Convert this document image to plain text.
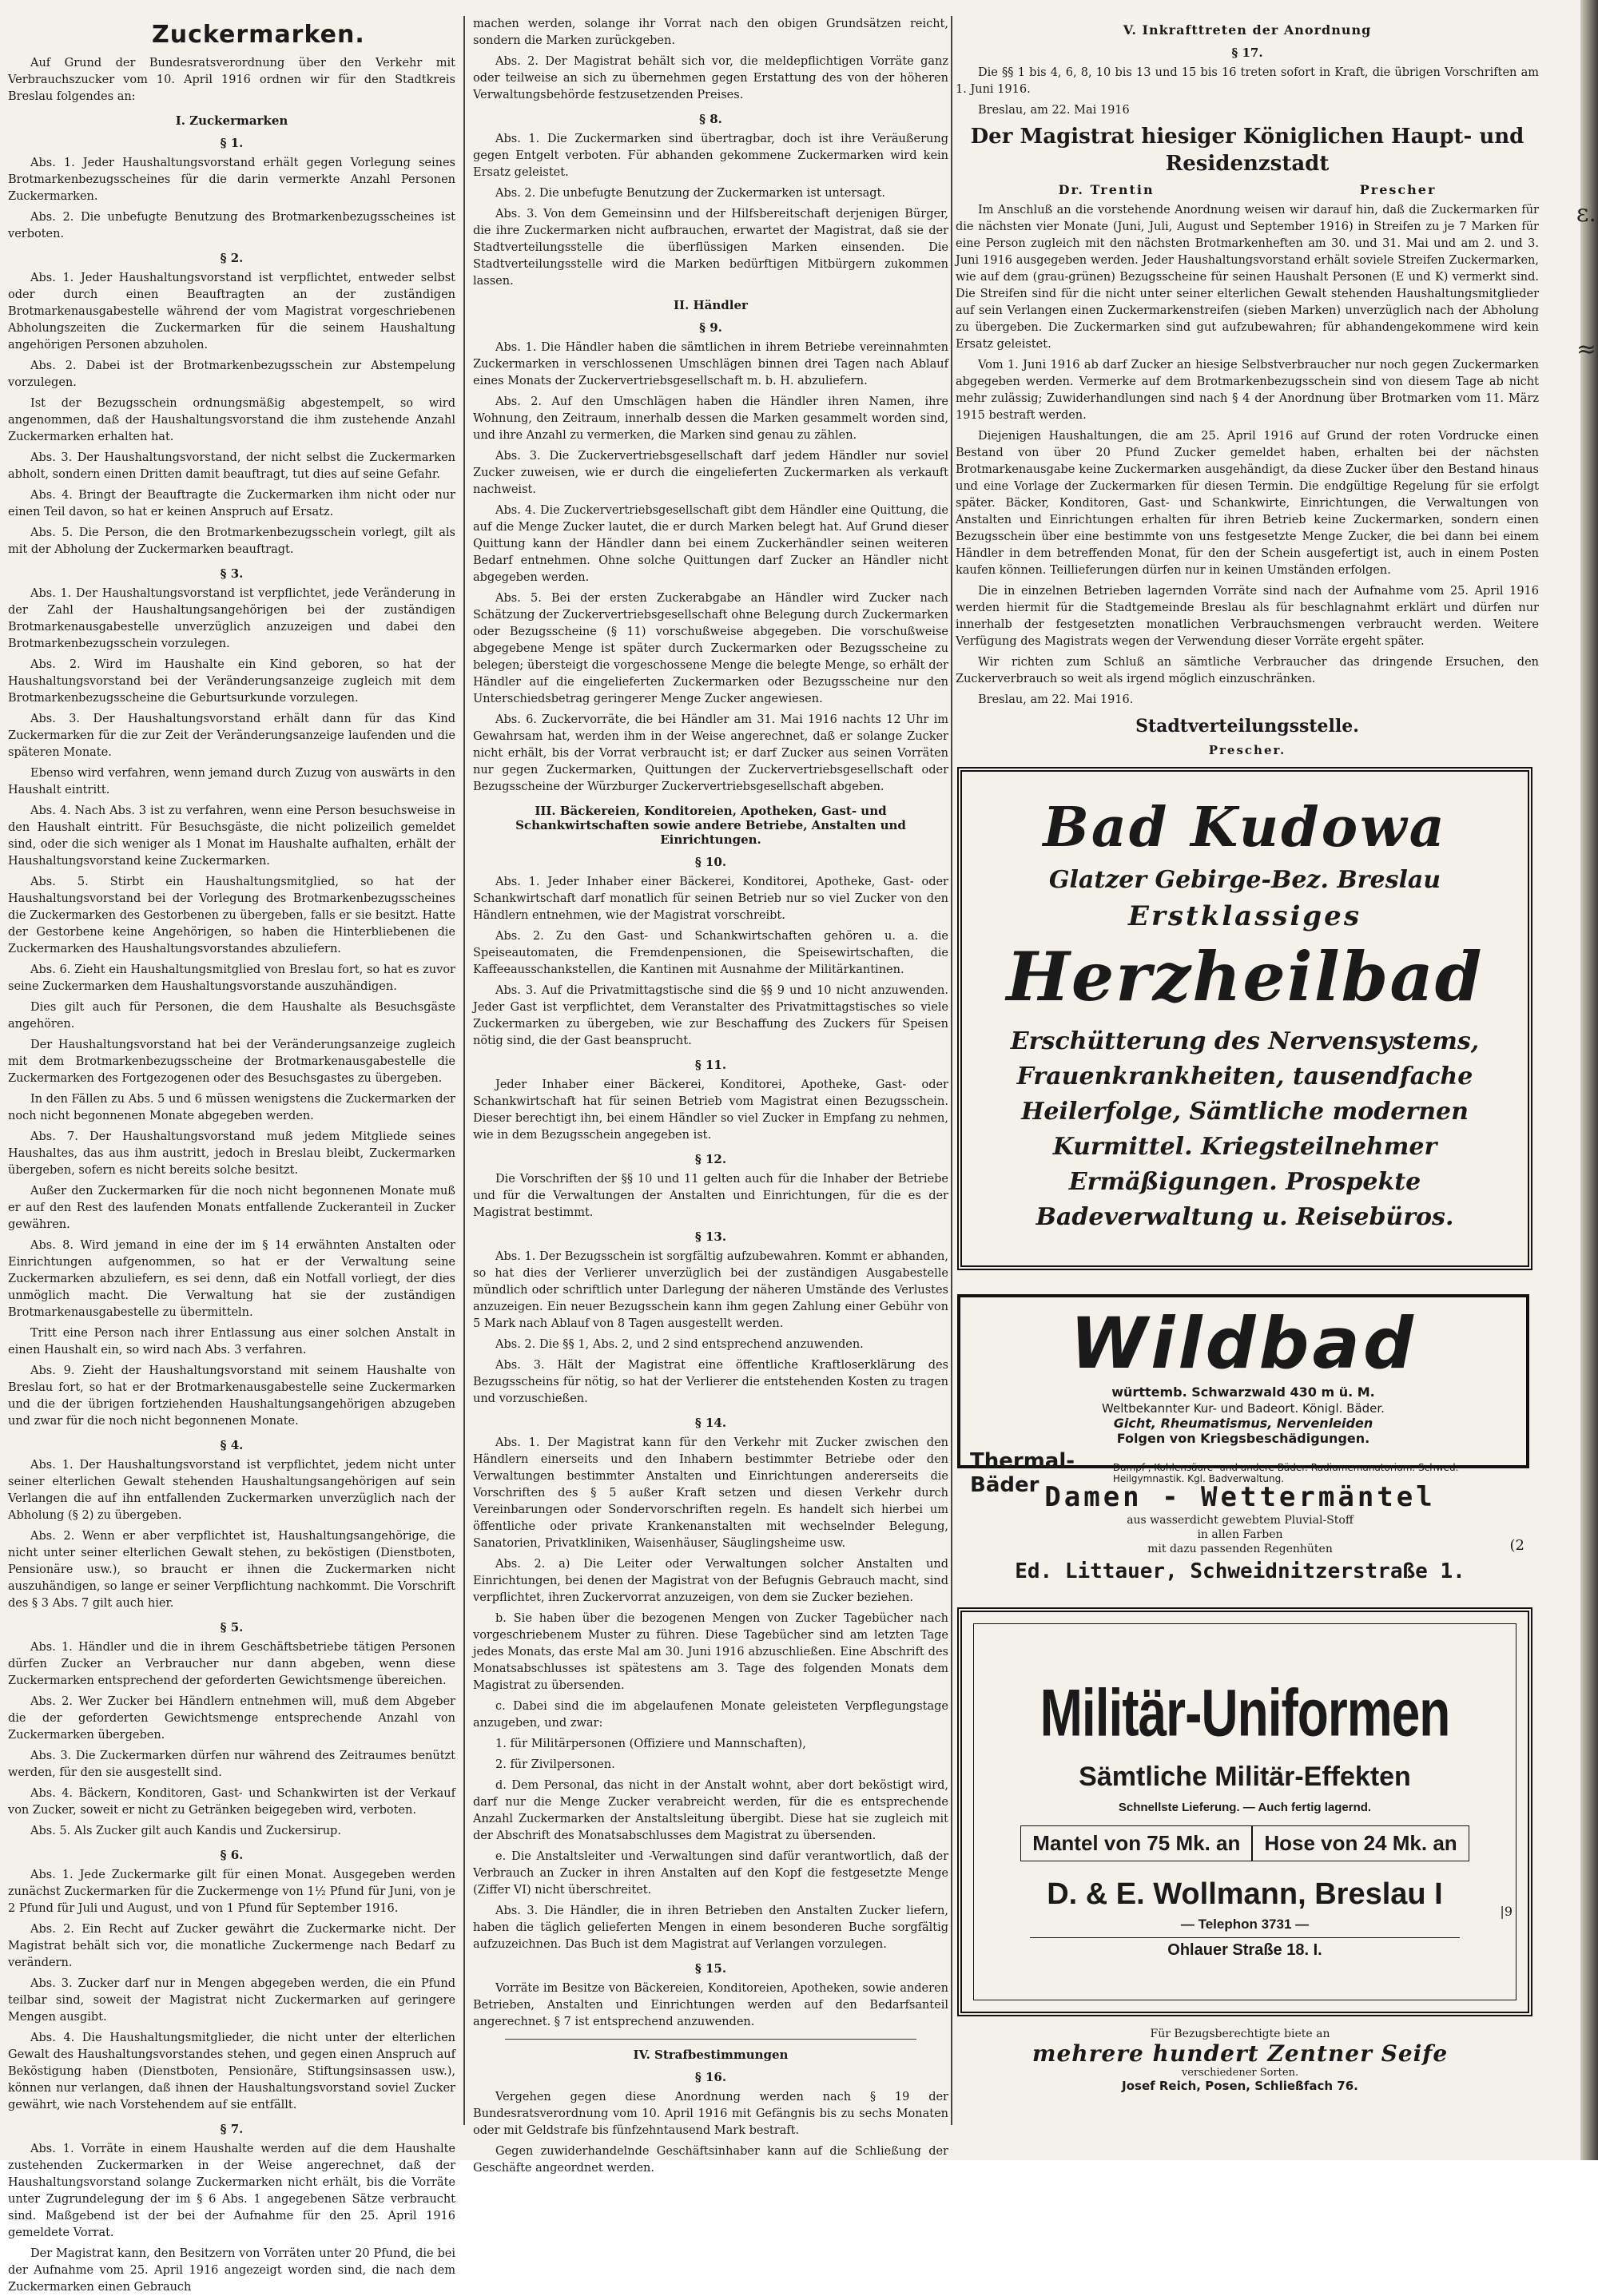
Zuckermarken.

Auf Grund der Bundesratsverordnung über den Verkehr mit Verbrauchszucker vom 10. April 1916 ordnen wir für den Stadtkreis Breslau folgendes an:

I. Zuckermarken
§ 1.

Abs. 1. Jeder Haushaltungsvorstand erhält gegen Vorlegung seines Brotmarkenbezugsscheines für die darin vermerkte Anzahl Personen Zuckermarken.

Abs. 2. Die unbefugte Benutzung des Brotmarkenbezugsscheines ist verboten.

§ 2.

Abs. 1. Jeder Haushaltungsvorstand ist verpflichtet, entweder selbst oder durch einen Beauftragten an der zuständigen Brotmarkenausgabestelle während der vom Magistrat vorgeschriebenen Abholungszeiten die Zuckermarken für die seinem Haushaltung angehörigen Personen abzuholen.

Abs. 2. Dabei ist der Brotmarkenbezugsschein zur Abstempelung vorzulegen.

Ist der Bezugsschein ordnungsmäßig abgestempelt, so wird angenommen, daß der Haushaltungsvorstand die ihm zustehende Anzahl Zuckermarken erhalten hat.

Abs. 3. Der Haushaltungsvorstand, der nicht selbst die Zuckermarken abholt, sondern einen Dritten damit beauftragt, tut dies auf seine Gefahr.

Abs. 4. Bringt der Beauftragte die Zuckermarken ihm nicht oder nur einen Teil davon, so hat er keinen Anspruch auf Ersatz.

Abs. 5. Die Person, die den Brotmarkenbezugsschein vorlegt, gilt als mit der Abholung der Zuckermarken beauftragt.

§ 3.

Abs. 1. Der Haushaltungsvorstand ist verpflichtet, jede Veränderung in der Zahl der Haushaltungsangehörigen bei der zuständigen Brotmarkenausgabestelle unverzüglich anzuzeigen und dabei den Brotmarkenbezugsschein vorzulegen.

Abs. 2. Wird im Haushalte ein Kind geboren, so hat der Haushaltungsvorstand bei der Veränderungsanzeige zugleich mit dem Brotmarkenbezugsscheine die Geburtsurkunde vorzulegen.

Abs. 3. Der Haushaltungsvorstand erhält dann für das Kind Zuckermarken für die zur Zeit der Veränderungsanzeige laufenden und die späteren Monate.

Ebenso wird verfahren, wenn jemand durch Zuzug von auswärts in den Haushalt eintritt.

Abs. 4. Nach Abs. 3 ist zu verfahren, wenn eine Person besuchsweise in den Haushalt eintritt. Für Besuchsgäste, die nicht polizeilich gemeldet sind, oder die sich weniger als 1 Monat im Haushalte aufhalten, erhält der Haushaltungsvorstand keine Zuckermarken.

Abs. 5. Stirbt ein Haushaltungsmitglied, so hat der Haushaltungsvorstand bei der Vorlegung des Brotmarkenbezugsscheines die Zuckermarken des Gestorbenen zu übergeben, falls er sie besitzt. Hatte der Gestorbene keine Angehörigen, so haben die Hinterbliebenen die Zuckermarken des Haushaltungsvorstandes abzuliefern.

Abs. 6. Zieht ein Haushaltungsmitglied von Breslau fort, so hat es zuvor seine Zuckermarken dem Haushaltungsvorstande auszuhändigen.

Dies gilt auch für Personen, die dem Haushalte als Besuchsgäste angehören.

Der Haushaltungsvorstand hat bei der Veränderungsanzeige zugleich mit dem Brotmarkenbezugsscheine der Brotmarkenausgabestelle die Zuckermarken des Fortgezogenen oder des Besuchsgastes zu übergeben.

In den Fällen zu Abs. 5 und 6 müssen wenigstens die Zuckermarken der noch nicht begonnenen Monate abgegeben werden.

Abs. 7. Der Haushaltungsvorstand muß jedem Mitgliede seines Haushaltes, das aus ihm austritt, jedoch in Breslau bleibt, Zuckermarken übergeben, sofern es nicht bereits solche besitzt.

Außer den Zuckermarken für die noch nicht begonnenen Monate muß er auf den Rest des laufenden Monats entfallende Zuckeranteil in Zucker gewähren.

Abs. 8. Wird jemand in eine der im § 14 erwähnten Anstalten oder Einrichtungen aufgenommen, so hat er der Verwaltung seine Zuckermarken abzuliefern, es sei denn, daß ein Notfall vorliegt, der dies unmöglich macht. Die Verwaltung hat sie der zuständigen Brotmarkenausgabestelle zu übermitteln.

Tritt eine Person nach ihrer Entlassung aus einer solchen Anstalt in einen Haushalt ein, so wird nach Abs. 3 verfahren.

Abs. 9. Zieht der Haushaltungsvorstand mit seinem Haushalte von Breslau fort, so hat er der Brotmarkenausgabestelle seine Zuckermarken und die der übrigen fortziehenden Haushaltungsangehörigen abzugeben und zwar für die noch nicht begonnenen Monate.

§ 4.

Abs. 1. Der Haushaltungsvorstand ist verpflichtet, jedem nicht unter seiner elterlichen Gewalt stehenden Haushaltungsangehörigen auf sein Verlangen die auf ihn entfallenden Zuckermarken unverzüglich nach der Abholung (§ 2) zu übergeben.

Abs. 2. Wenn er aber verpflichtet ist, Haushaltungsangehörige, die nicht unter seiner elterlichen Gewalt stehen, zu beköstigen (Dienstboten, Pensionäre usw.), so braucht er ihnen die Zuckermarken nicht auszuhändigen, so lange er seiner Verpflichtung nachkommt. Die Vorschrift des § 3 Abs. 7 gilt auch hier.

§ 5.

Abs. 1. Händler und die in ihrem Geschäftsbetriebe tätigen Personen dürfen Zucker an Verbraucher nur dann abgeben, wenn diese Zuckermarken entsprechend der geforderten Gewichtsmenge übereichen.

Abs. 2. Wer Zucker bei Händlern entnehmen will, muß dem Abgeber die der geforderten Gewichtsmenge entsprechende Anzahl von Zuckermarken übergeben.

Abs. 3. Die Zuckermarken dürfen nur während des Zeitraumes benützt werden, für den sie ausgestellt sind.

Abs. 4. Bäckern, Konditoren, Gast- und Schankwirten ist der Verkauf von Zucker, soweit er nicht zu Getränken beigegeben wird, verboten.

Abs. 5. Als Zucker gilt auch Kandis und Zuckersirup.

§ 6.

Abs. 1. Jede Zuckermarke gilt für einen Monat. Ausgegeben werden zunächst Zuckermarken für die Zuckermenge von 1½ Pfund für Juni, von je 2 Pfund für Juli und August, und von 1 Pfund für September 1916.

Abs. 2. Ein Recht auf Zucker gewährt die Zuckermarke nicht. Der Magistrat behält sich vor, die monatliche Zuckermenge nach Bedarf zu verändern.

Abs. 3. Zucker darf nur in Mengen abgegeben werden, die ein Pfund teilbar sind, soweit der Magistrat nicht Zuckermarken auf geringere Mengen ausgibt.

Abs. 4. Die Haushaltungsmitglieder, die nicht unter der elterlichen Gewalt des Haushaltungsvorstandes stehen, und gegen einen Anspruch auf Beköstigung haben (Dienstboten, Pensionäre, Stiftungsinsassen usw.), können nur verlangen, daß ihnen der Haushaltungsvorstand soviel Zucker gewährt, wie nach Vorstehendem auf sie entfällt.

§ 7.

Abs. 1. Vorräte in einem Haushalte werden auf die dem Haushalte zustehenden Zuckermarken in der Weise angerechnet, daß der Haushaltungsvorstand solange Zuckermarken nicht erhält, bis die Vorräte unter Zugrundelegung der im § 6 Abs. 1 angegebenen Sätze verbraucht sind. Maßgebend ist der bei der Aufnahme für den 25. April 1916 gemeldete Vorrat.

Der Magistrat kann, den Besitzern von Vorräten unter 20 Pfund, die bei der Aufnahme vom 25. April 1916 angezeigt worden sind, die nach dem Zuckermarken einen Gebrauch

machen werden, solange ihr Vorrat nach den obigen Grundsätzen reicht, sondern die Marken zurückgeben.

Abs. 2. Der Magistrat behält sich vor, die meldepflichtigen Vorräte ganz oder teilweise an sich zu übernehmen gegen Erstattung des von der höheren Verwaltungsbehörde festzusetzenden Preises.

§ 8.

Abs. 1. Die Zuckermarken sind übertragbar, doch ist ihre Veräußerung gegen Entgelt verboten. Für abhanden gekommene Zuckermarken wird kein Ersatz geleistet.

Abs. 2. Die unbefugte Benutzung der Zuckermarken ist untersagt.

Abs. 3. Von dem Gemeinsinn und der Hilfsbereitschaft derjenigen Bürger, die ihre Zuckermarken nicht aufbrauchen, erwartet der Magistrat, daß sie der Stadtverteilungsstelle die überflüssigen Marken einsenden. Die Stadtverteilungsstelle wird die Marken bedürftigen Mitbürgern zukommen lassen.

II. Händler
§ 9.

Abs. 1. Die Händler haben die sämtlichen in ihrem Betriebe vereinnahmten Zuckermarken in verschlossenen Umschlägen binnen drei Tagen nach Ablauf eines Monats der Zuckervertriebsgesellschaft m. b. H. abzuliefern.

Abs. 2. Auf den Umschlägen haben die Händler ihren Namen, ihre Wohnung, den Zeitraum, innerhalb dessen die Marken gesammelt worden sind, und ihre Anzahl zu vermerken, die Marken sind genau zu zählen.

Abs. 3. Die Zuckervertriebsgesellschaft darf jedem Händler nur soviel Zucker zuweisen, wie er durch die eingelieferten Zuckermarken als verkauft nachweist.

Abs. 4. Die Zuckervertriebsgesellschaft gibt dem Händler eine Quittung, die auf die Menge Zucker lautet, die er durch Marken belegt hat. Auf Grund dieser Quittung kann der Händler dann bei einem Zuckerhändler seinen weiteren Bedarf entnehmen. Ohne solche Quittungen darf Zucker an Händler nicht abgegeben werden.

Abs. 5. Bei der ersten Zuckerabgabe an Händler wird Zucker nach Schätzung der Zuckervertriebsgesellschaft ohne Belegung durch Zuckermarken oder Bezugsscheine (§ 11) vorschußweise abgegeben. Die vorschußweise abgegebene Menge ist später durch Zuckermarken oder Bezugsscheine zu belegen; übersteigt die vorgeschossene Menge die belegte Menge, so erhält der Händler auf die eingelieferten Zuckermarken oder Bezugsscheine nur den Unterschiedsbetrag geringerer Menge Zucker angewiesen.

Abs. 6. Zuckervorräte, die bei Händler am 31. Mai 1916 nachts 12 Uhr im Gewahrsam hat, werden ihm in der Weise angerechnet, daß er solange Zucker nicht erhält, bis der Vorrat verbraucht ist; er darf Zucker aus seinen Vorräten nur gegen Zuckermarken, Quittungen der Zuckervertriebsgesellschaft oder Bezugsscheine der Würzburger Zuckervertriebsgesellschaft abgeben.

III. Bäckereien, Konditoreien, Apotheken, Gast- und Schankwirtschaften sowie andere Betriebe, Anstalten und Einrichtungen.
§ 10.

Abs. 1. Jeder Inhaber einer Bäckerei, Konditorei, Apotheke, Gast- oder Schankwirtschaft darf monatlich für seinen Betrieb nur so viel Zucker von den Händlern entnehmen, wie der Magistrat vorschreibt.

Abs. 2. Zu den Gast- und Schankwirtschaften gehören u. a. die Speiseautomaten, die Fremdenpensionen, die Speisewirtschaften, die Kaffeeausschankstellen, die Kantinen mit Ausnahme der Militärkantinen.

Abs. 3. Auf die Privatmittagstische sind die §§ 9 und 10 nicht anzuwenden. Jeder Gast ist verpflichtet, dem Veranstalter des Privatmittagstisches so viele Zuckermarken zu übergeben, wie zur Beschaffung des Zuckers für Speisen nötig sind, die der Gast beansprucht.

§ 11.

Jeder Inhaber einer Bäckerei, Konditorei, Apotheke, Gast- oder Schankwirtschaft hat für seinen Betrieb vom Magistrat einen Bezugsschein. Dieser berechtigt ihn, bei einem Händler so viel Zucker in Empfang zu nehmen, wie in dem Bezugsschein angegeben ist.

§ 12.

Die Vorschriften der §§ 10 und 11 gelten auch für die Inhaber der Betriebe und für die Verwaltungen der Anstalten und Einrichtungen, für die es der Magistrat bestimmt.

§ 13.

Abs. 1. Der Bezugsschein ist sorgfältig aufzubewahren. Kommt er abhanden, so hat dies der Verlierer unverzüglich bei der zuständigen Ausgabestelle mündlich oder schriftlich unter Darlegung der näheren Umstände des Verlustes anzuzeigen. Ein neuer Bezugsschein kann ihm gegen Zahlung einer Gebühr von 5 Mark nach Ablauf von 8 Tagen ausgestellt werden.

Abs. 2. Die §§ 1, Abs. 2, und 2 sind entsprechend anzuwenden.

Abs. 3. Hält der Magistrat eine öffentliche Kraftloserklärung des Bezugsscheins für nötig, so hat der Verlierer die entstehenden Kosten zu tragen und vorzuschießen.

§ 14.

Abs. 1. Der Magistrat kann für den Verkehr mit Zucker zwischen den Händlern einerseits und den Inhabern bestimmter Betriebe oder den Verwaltungen bestimmter Anstalten und Einrichtungen andererseits die Vorschriften des § 5 außer Kraft setzen und diesen Verkehr durch Vereinbarungen oder Sondervorschriften regeln. Es handelt sich hierbei um öffentliche oder private Krankenanstalten mit wechselnder Belegung, Sanatorien, Privatkliniken, Waisenhäuser, Säuglingsheime usw.

Abs. 2. a) Die Leiter oder Verwaltungen solcher Anstalten und Einrichtungen, bei denen der Magistrat von der Befugnis Gebrauch macht, sind verpflichtet, ihren Zuckervorrat anzuzeigen, von dem sie Zucker beziehen.

b. Sie haben über die bezogenen Mengen von Zucker Tagebücher nach vorgeschriebenem Muster zu führen. Diese Tagebücher sind am letzten Tage jedes Monats, das erste Mal am 30. Juni 1916 abzuschließen. Eine Abschrift des Monatsabschlusses ist spätestens am 3. Tage des folgenden Monats dem Magistrat zu übersenden.

c. Dabei sind die im abgelaufenen Monate geleisteten Verpflegungstage anzugeben, und zwar:

1. für Militärpersonen (Offiziere und Mannschaften),

2. für Zivilpersonen.

d. Dem Personal, das nicht in der Anstalt wohnt, aber dort beköstigt wird, darf nur die Menge Zucker verabreicht werden, für die es entsprechende Anzahl Zuckermarken der Anstaltsleitung übergibt. Diese hat sie zugleich mit der Abschrift des Monatsabschlusses dem Magistrat zu übersenden.

e. Die Anstaltsleiter und -Verwaltungen sind dafür verantwortlich, daß der Verbrauch an Zucker in ihren Anstalten auf den Kopf die festgesetzte Menge (Ziffer VI) nicht überschreitet.

Abs. 3. Die Händler, die in ihren Betrieben den Anstalten Zucker liefern, haben die täglich gelieferten Mengen in einem besonderen Buche sorgfältig aufzuzeichnen. Das Buch ist dem Magistrat auf Verlangen vorzulegen.

§ 15.

Vorräte im Besitze von Bäckereien, Konditoreien, Apotheken, sowie anderen Betrieben, Anstalten und Einrichtungen werden auf den Bedarfsanteil angerechnet. § 7 ist entsprechend anzuwenden.

IV. Strafbestimmungen
§ 16.

Vergehen gegen diese Anordnung werden nach § 19 der Bundesratsverordnung vom 10. April 1916 mit Gefängnis bis zu sechs Monaten oder mit Geldstrafe bis fünfzehntausend Mark bestraft.

Gegen zuwiderhandelnde Geschäftsinhaber kann auf die Schließung der Geschäfte angeordnet werden.

V. Inkrafttreten der Anordnung
§ 17.

Die §§ 1 bis 4, 6, 8, 10 bis 13 und 15 bis 16 treten sofort in Kraft, die übrigen Vorschriften am 1. Juni 1916.

Breslau, am 22. Mai 1916

Der Magistrat hiesiger Königlichen Haupt- und Residenzstadt
Dr. Trentin	Prescher

Im Anschluß an die vorstehende Anordnung weisen wir darauf hin, daß die Zuckermarken für die nächsten vier Monate (Juni, Juli, August und September 1916) in Streifen zu je 7 Marken für eine Person zugleich mit den nächsten Brotmarkenheften am 30. und 31. Mai und am 2. und 3. Juni 1916 ausgegeben werden. Jeder Haushaltungsvorstand erhält soviele Streifen Zuckermarken, wie auf dem (grau-grünen) Bezugsscheine für seinen Haushalt Personen (E und K) vermerkt sind. Die Streifen sind für die nicht unter seiner elterlichen Gewalt stehenden Haushaltungsmitglieder auf sein Verlangen einen Zuckermarkenstreifen (sieben Marken) unverzüglich nach der Abholung zu übergeben. Die Zuckermarken sind gut aufzubewahren; für abhandengekommene wird kein Ersatz geleistet.

Vom 1. Juni 1916 ab darf Zucker an hiesige Selbstverbraucher nur noch gegen Zuckermarken abgegeben werden. Vermerke auf dem Brotmarkenbezugsschein sind von diesem Tage ab nicht mehr zulässig; Zuwiderhandlungen sind nach § 4 der Anordnung über Brotmarken vom 11. März 1915 bestraft werden.

Diejenigen Haushaltungen, die am 25. April 1916 auf Grund der roten Vordrucke einen Bestand von über 20 Pfund Zucker gemeldet haben, erhalten bei der nächsten Brotmarkenausgabe keine Zuckermarken ausgehändigt, da diese Zucker über den Bestand hinaus und eine Vorlage der Zuckermarken für diesen Termin. Die endgültige Regelung für sie erfolgt später. Bäcker, Konditoren, Gast- und Schankwirte, Einrichtungen, die Verwaltungen von Anstalten und Einrichtungen erhalten für ihren Betrieb keine Zuckermarken, sondern einen Bezugsschein über eine bestimmte von uns festgesetzte Menge Zucker, die bei dann bei einem Händler in dem betreffenden Monat, für den der Schein ausgefertigt ist, auch in einem Posten kaufen können. Teillieferungen dürfen nur in keinen Umständen erfolgen.

Die in einzelnen Betrieben lagernden Vorräte sind nach der Aufnahme vom 25. April 1916 werden hiermit für die Stadtgemeinde Breslau als für beschlagnahmt erklärt und dürfen nur innerhalb der festgesetzten monatlichen Verbrauchsmengen verbraucht werden. Weitere Verfügung des Magistrats wegen der Verwendung dieser Vorräte ergeht später.

Wir richten zum Schluß an sämtliche Verbraucher das dringende Ersuchen, den Zuckerverbrauch so weit als irgend möglich einzuschränken.

Breslau, am 22. Mai 1916.

Stadtverteilungsstelle.
Prescher.
Bad Kudowa
Glatzer Gebirge-Bez. Breslau
Erstklassiges
Herzheilbad
Erschütterung des Nervensystems, Frauenkrankheiten, tausendfache Heilerfolge, Sämtliche modernen Kurmittel. Kriegsteilnehmer Ermäßigungen. Prospekte Badeverwaltung u. Reisebüros.
Wildbad
württemb. Schwarzwald 430 m ü. M.
Weltbekannter Kur- und Badeort. Königl. Bäder.
Gicht, Rheumatismus, Nervenleiden
Folgen von Kriegsbeschädigungen.
Thermal-Bäder
Dampf-, Kohlensäure- und andere Bäder. Radiumemanatorium. Schwed. Heilgymnastik. Kgl. Badverwaltung.
Damen - Wettermäntel
aus wasserdicht gewebtem Pluvial-Stoff
in allen Farben
mit dazu passenden Regenhüten
Ed. Littauer, Schweidnitzerstraße 1.
(2
Militär-Uniformen
Sämtliche Militär-Effekten
Schnellste Lieferung. — Auch fertig lagernd.
Mantel von 75 Mk. an	Hose von 24 Mk. an
D. & E. Wollmann, Breslau I
— Telephon 3731 —
Ohlauer Straße 18. I.
|9
Für Bezugsberechtigte biete an
mehrere hundert Zentner Seife
verschiedener Sorten.
Josef Reich, Posen, Schließfach 76.
ε.
≈
